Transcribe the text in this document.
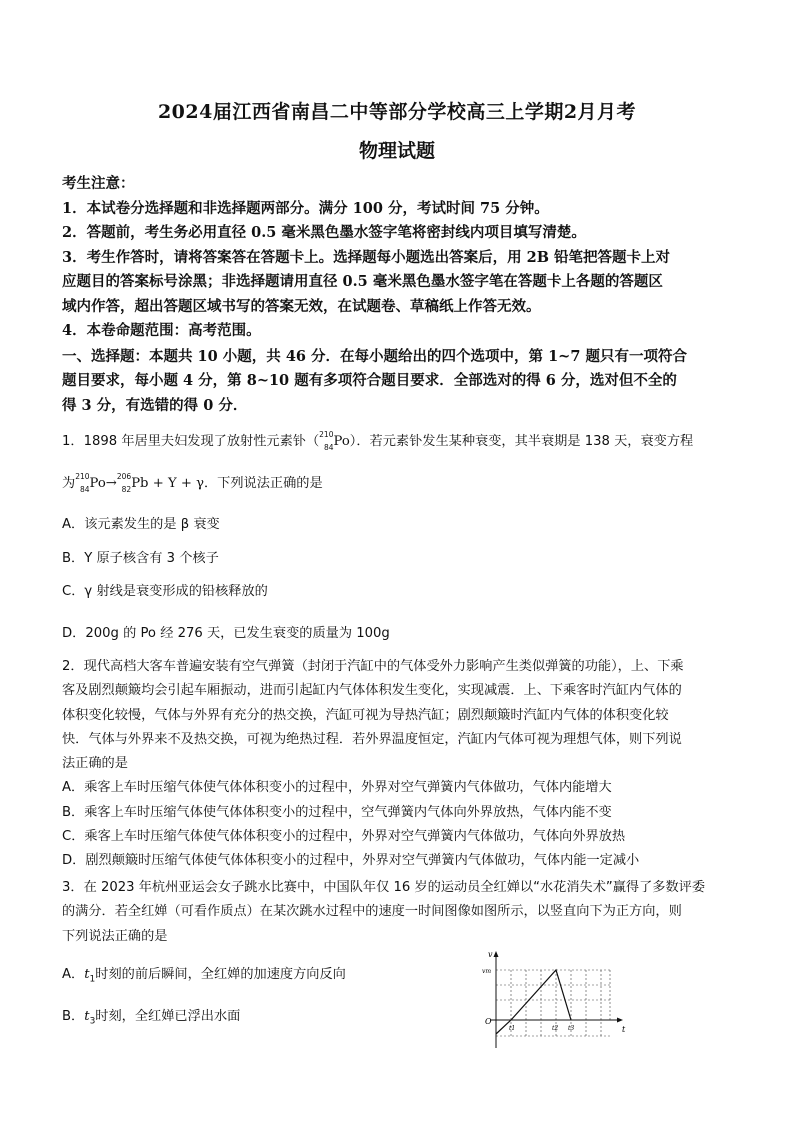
2024届江西省南昌二中等部分学校高三上学期2月月考
物理试题
考生注意：
1．本试卷分选择题和非选择题两部分。满分 100 分，考试时间 75 分钟。
2．答题前，考生务必用直径 0.5 毫米黑色墨水签字笔将密封线内项目填写清楚。
3．考生作答时，请将答案答在答题卡上。选择题每小题选出答案后，用 2B 铅笔把答题卡上对
应题目的答案标号涂黑；非选择题请用直径 0.5 毫米黑色墨水签字笔在答题卡上各题的答题区
域内作答，超出答题区域书写的答案无效，在试题卷、草稿纸上作答无效。
4．本卷命题范围：高考范围。
一、选择题：本题共 10 小题，共 46 分．在每小题给出的四个选项中，第 1~7 题只有一项符合
题目要求，每小题 4 分，第 8~10 题有多项符合题目要求．全部选对的得 6 分，选对但不全的
得 3 分，有选错的得 0 分．
1．1898 年居里夫妇发现了放射性元素钋（ 210
84 Po）．若元素钋发生某种衰变，其半衰期是 138 天，衰变方程
为 210
84 Po→ 206
82 Pb + Y + γ．下列说法正确的是
A．该元素发生的是 β 衰变
B．Y 原子核含有 3 个核子
C．γ 射线是衰变形成的铅核释放的
D．200g 的 Po 经 276 天，已发生衰变的质量为 100g
2．现代高档大客车普遍安装有空气弹簧（封闭于汽缸中的气体受外力影响产生类似弹簧的功能），上、下乘
客及剧烈颠簸均会引起车厢振动，进而引起缸内气体体积发生变化，实现减震．上、下乘客时汽缸内气体的
体积变化较慢，气体与外界有充分的热交换，汽缸可视为导热汽缸；剧烈颠簸时汽缸内气体的体积变化较
快．气体与外界来不及热交换，可视为绝热过程．若外界温度恒定，汽缸内气体可视为理想气体，则下列说
法正确的是
A．乘客上车时压缩气体使气体体积变小的过程中，外界对空气弹簧内气体做功，气体内能增大
B．乘客上车时压缩气体使气体体积变小的过程中，空气弹簧内气体向外界放热，气体内能不变
C．乘客上车时压缩气体使气体体积变小的过程中，外界对空气弹簧内气体做功，气体向外界放热
D．剧烈颠簸时压缩气体使气体体积变小的过程中，外界对空气弹簧内气体做功，气体内能一定减小
3．在 2023 年杭州亚运会女子跳水比赛中，中国队年仅 16 岁的运动员全红婵以“水花消失术”赢得了多数评委
的满分．若全红婵（可看作质点）在某次跳水过程中的速度一时间图像如图所示，以竖直向下为正方向，则
下列说法正确的是
A．$t_1$时刻的前后瞬间，全红婵的加速度方向反向
B．$t_3$时刻，全红婵已浮出水面
v
t
O
vm
t1	t2 t3
